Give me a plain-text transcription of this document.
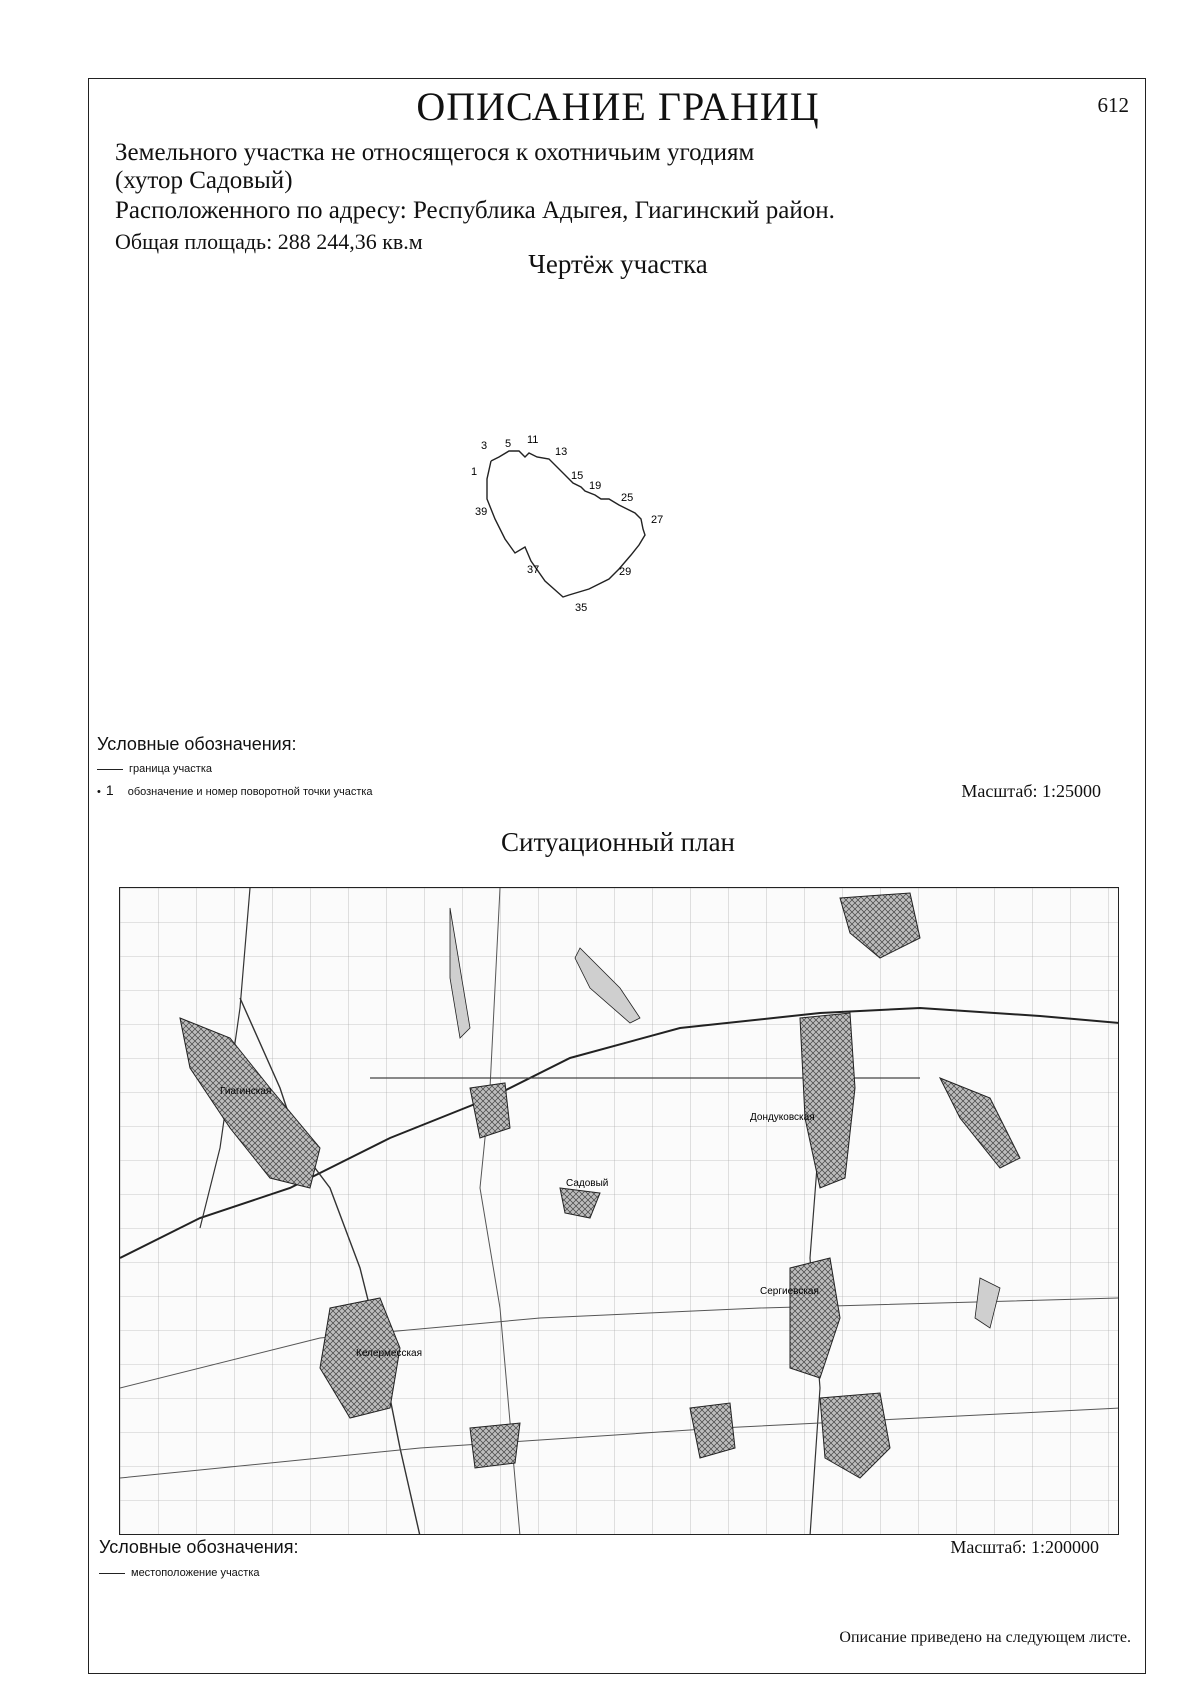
ОПИСАНИЕ ГРАНИЦ	612
Земельного участка не относящегося к охотничьим угодиям
(хутор Садовый)
Расположенного по адресу: Республика Адыгея, Гиагинский район.
Общая площадь: 288 244,36 кв.м
Чертёж участка
3 5 11
13
1	15
19
25
27
39
37	29
35
Условные обозначения:
граница участка
• 1 обозначение и номер поворотной точки участка	Масштаб: 1:25000
Ситуационный план
Гиагинская
Дондуковская
Келермесская
Сергиевская
Садовый
Условные обозначения:
местоположение участка
Масштаб: 1:200000
Описание приведено на следующем листе.
